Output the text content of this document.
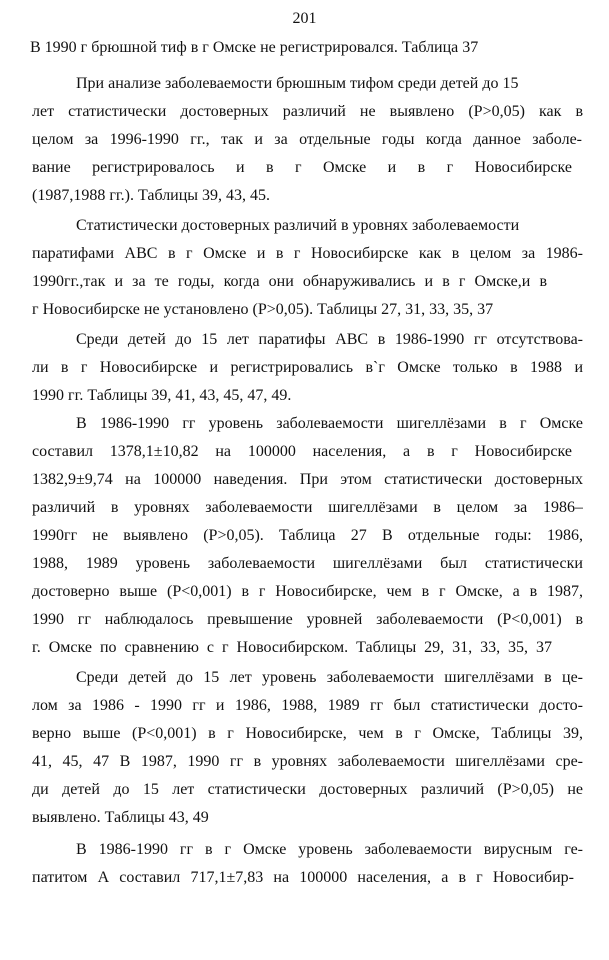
201
В 1990 г брюшной тиф в г Омске не регистрировался. Таблица 37
При анализе заболеваемости брюшным тифом среди детей до 15
лет статистически достоверных различий не выявлено (Р>0,05) как в
целом за 1996-1990 гг., так и за отдельные годы когда данное заболе-
вание регистрировалось и в г Омске и в г Новосибирске
(1987,1988 гг.). Таблицы 39, 43, 45.
Статистически достоверных различий в уровнях заболеваемости
паратифами АВС в г Омске и в г Новосибирске как в целом за 1986-
1990гг.,так и за те годы, когда они обнаруживались и в г Омске,и в
г Новосибирске не установлено (Р>0,05). Таблицы 27, 31, 33, 35, 37
Среди детей до 15 лет паратифы АВС в 1986-1990 гг отсутствова-
ли в г Новосибирске и регистрировались в`г Омске только в 1988 и
1990 гг. Таблицы 39, 41, 43, 45, 47, 49.
В 1986-1990 гг уровень заболеваемости шигеллёзами в г Омске
составил 1378,1±10,82 на 100000 населения, а в г Новосибирске
1382,9±9,74 на 100000 наведения. При этом статистически достоверных
различий в уровнях заболеваемости шигеллёзами в целом за 1986–
1990гг не выявлено (Р>0,05). Таблица 27 В отдельные годы: 1986,
1988, 1989 уровень заболеваемости шигеллёзами был статистически
достоверно выше (Р<0,001) в г Новосибирске, чем в г Омске, а в 1987,
1990 гг наблюдалось превышение уровней заболеваемости (Р<0,001) в
г. Омске по сравнению с г Новосибирском. Таблицы 29, 31, 33, 35, 37
Среди детей до 15 лет уровень заболеваемости шигеллёзами в це-
лом за 1986 - 1990 гг и 1986, 1988, 1989 гг был статистически досто-
верно выше (Р<0,001) в г Новосибирске, чем в г Омске, Таблицы 39,
41, 45, 47 В 1987, 1990 гг в уровнях заболеваемости шигеллёзами сре-
ди детей до 15 лет статистически достоверных различий (Р>0,05) не
выявлено. Таблицы 43, 49
В 1986-1990 гг в г Омске уровень заболеваемости вирусным ге-
патитом А составил 717,1±7,83 на 100000 населения, а в г Новосибир-
